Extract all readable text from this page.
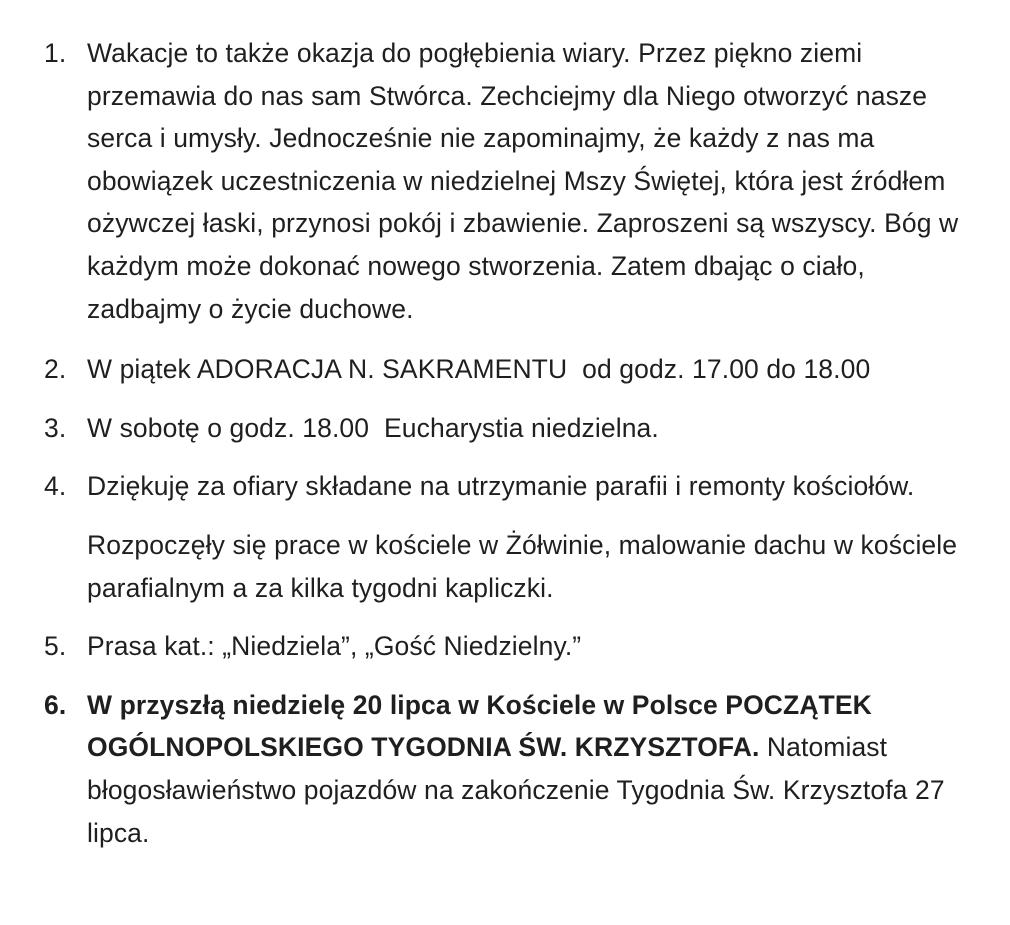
1. Wakacje to także okazja do pogłębienia wiary. Przez piękno ziemi przemawia do nas sam Stwórca. Zechciejmy dla Niego otworzyć nasze serca i umysły. Jednocześnie nie zapominajmy, że każdy z nas ma obowiązek uczestniczenia w niedzielnej Mszy Świętej, która jest źródłem ożywczej łaski, przynosi pokój i zbawienie. Zaproszeni są wszyscy. Bóg w każdym może dokonać nowego stworzenia. Zatem dbając o ciało, zadbajmy o życie duchowe.
2. W piątek ADORACJA N. SAKRAMENTU  od godz. 17.00 do 18.00
3. W sobotę o godz. 18.00  Eucharystia niedzielna.
4. Dziękuję za ofiary składane na utrzymanie parafii i remonty kościołów.
Rozpoczęły się prace w kościele w Żółwinie, malowanie dachu w kościele parafialnym a za kilka tygodni kapliczki.
5. Prasa kat.: „Niedziela”, „Gość Niedzielny.”
6. W przyszłą niedzielę 20 lipca w Kościele w Polsce POCZĄTEK OGÓLNOPOLSKIEGO TYGODNIA ŚW. KRZYSZTOFA. Natomiast błogosławieństwo pojazdów na zakończenie Tygodnia Św. Krzysztofa 27 lipca.
